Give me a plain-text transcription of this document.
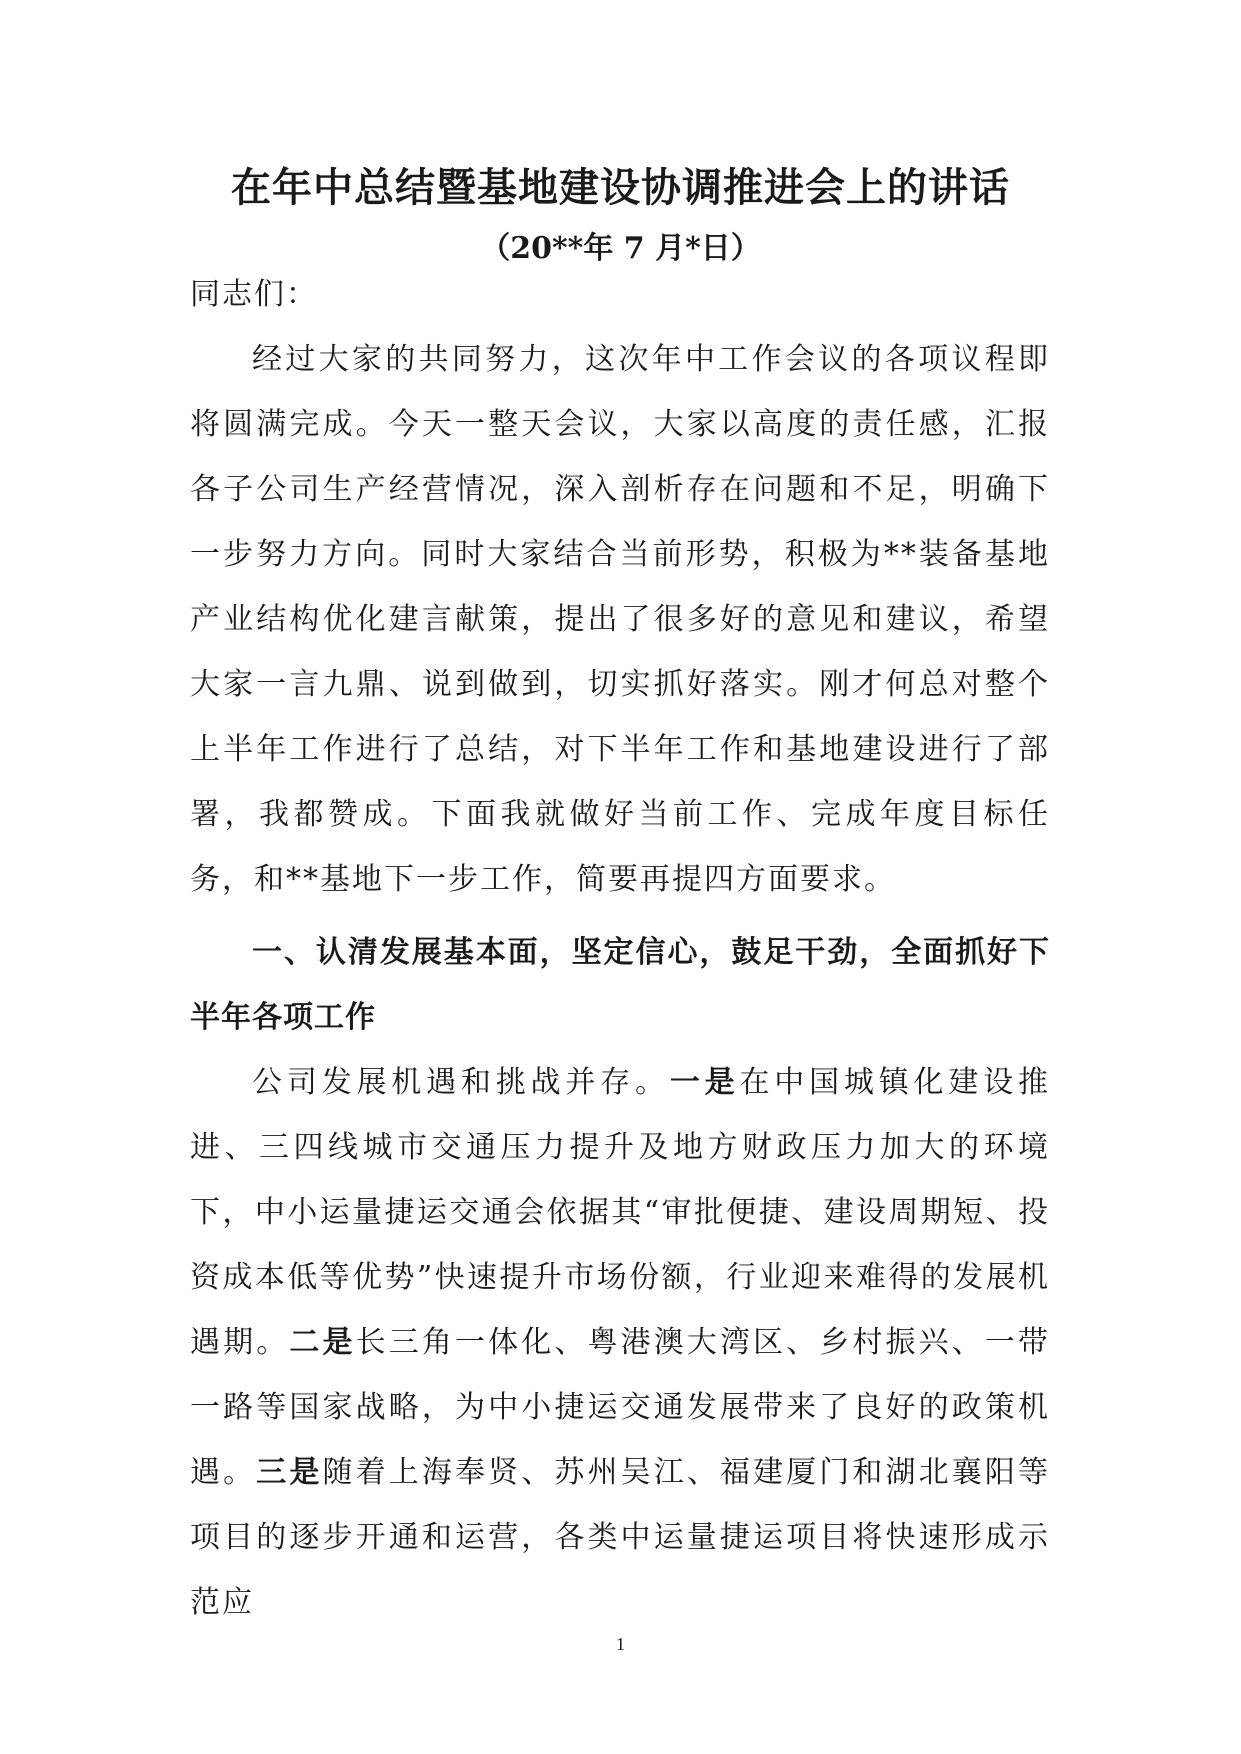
在年中总结暨基地建设协调推进会上的讲话
（20**年 7 月*日）

同志们：

经过大家的共同努力，这次年中工作会议的各项议程即将圆满完成。今天一整天会议，大家以高度的责任感，汇报各子公司生产经营情况，深入剖析存在问题和不足，明确下一步努力方向。同时大家结合当前形势，积极为**装备基地产业结构优化建言献策，提出了很多好的意见和建议，希望大家一言九鼎、说到做到，切实抓好落实。刚才何总对整个上半年工作进行了总结，对下半年工作和基地建设进行了部署，我都赞成。下面我就做好当前工作、完成年度目标任务，和**基地下一步工作，简要再提四方面要求。

一、认清发展基本面，坚定信心，鼓足干劲，全面抓好下半年各项工作

公司发展机遇和挑战并存。一是在中国城镇化建设推进、三四线城市交通压力提升及地方财政压力加大的环境下，中小运量捷运交通会依据其“审批便捷、建设周期短、投资成本低等优势”快速提升市场份额，行业迎来难得的发展机遇期。二是长三角一体化、粤港澳大湾区、乡村振兴、一带一路等国家战略，为中小捷运交通发展带来了良好的政策机遇。三是随着上海奉贤、苏州吴江、福建厦门和湖北襄阳等项目的逐步开通和运营，各类中运量捷运项目将快速形成示范应

1
